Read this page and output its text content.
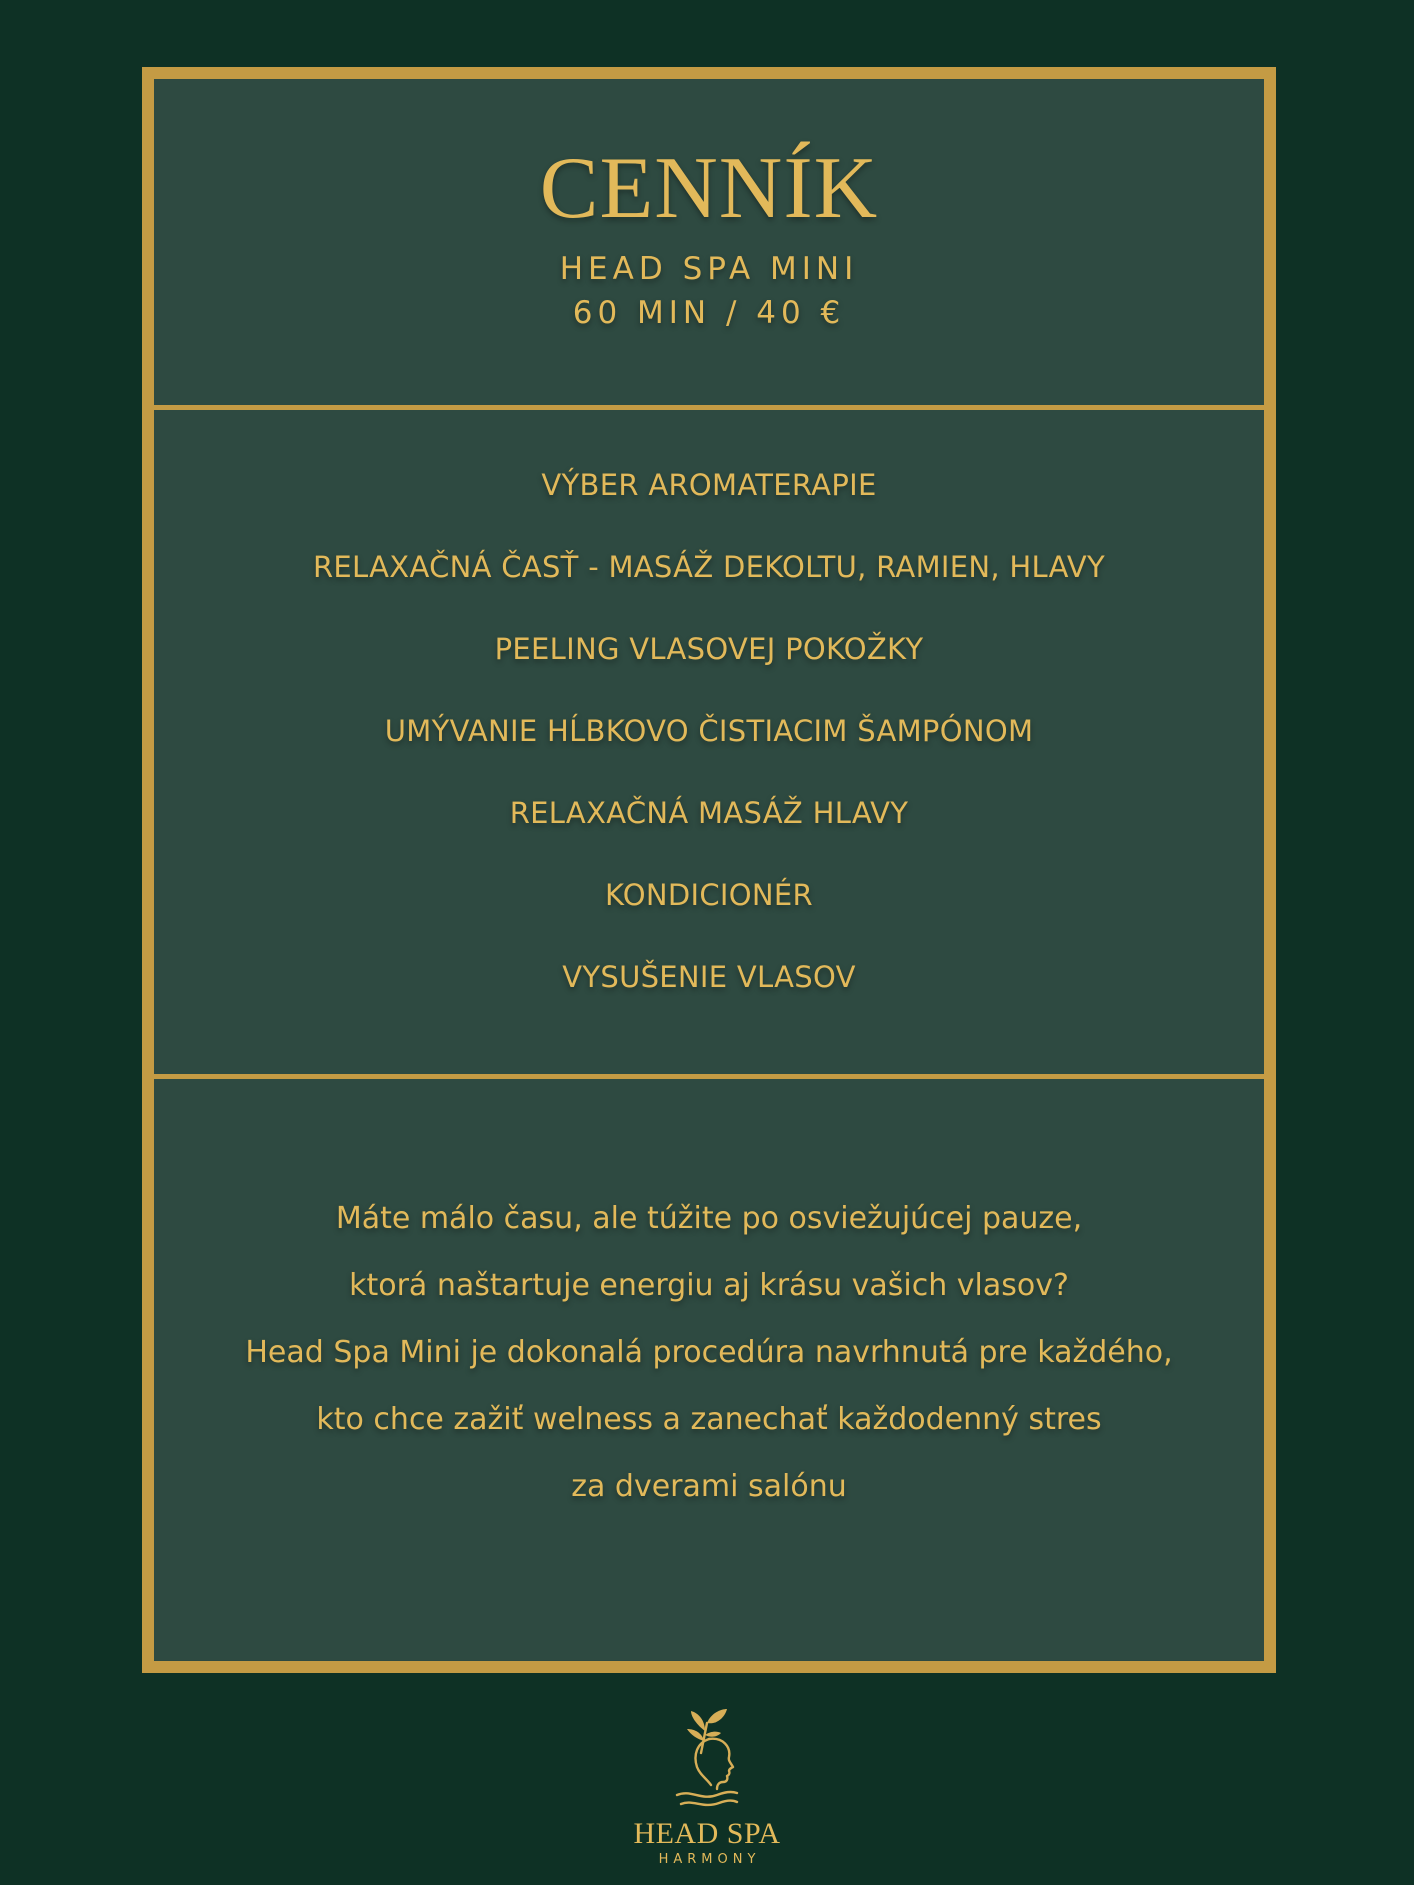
CENNÍK
HEAD SPA MINI
60 MIN / 40 €
VÝBER AROMATERAPIE
RELAXAČNÁ ČASŤ - MASÁŽ DEKOLTU, RAMIEN, HLAVY
PEELING VLASOVEJ POKOŽKY
UMÝVANIE HĹBKOVO ČISTIACIM ŠAMPÓNOM
RELAXAČNÁ MASÁŽ HLAVY
KONDICIONÉR
VYSUŠENIE VLASOV

Máte málo času, ale túžite po osviežujúcej pauze,

ktorá naštartuje energiu aj krásu vašich vlasov?

Head Spa Mini je dokonalá procedúra navrhnutá pre každého,

kto chce zažiť welness a zanechať každodenný stres

za dverami salónu

HEAD SPA
HARMONY
